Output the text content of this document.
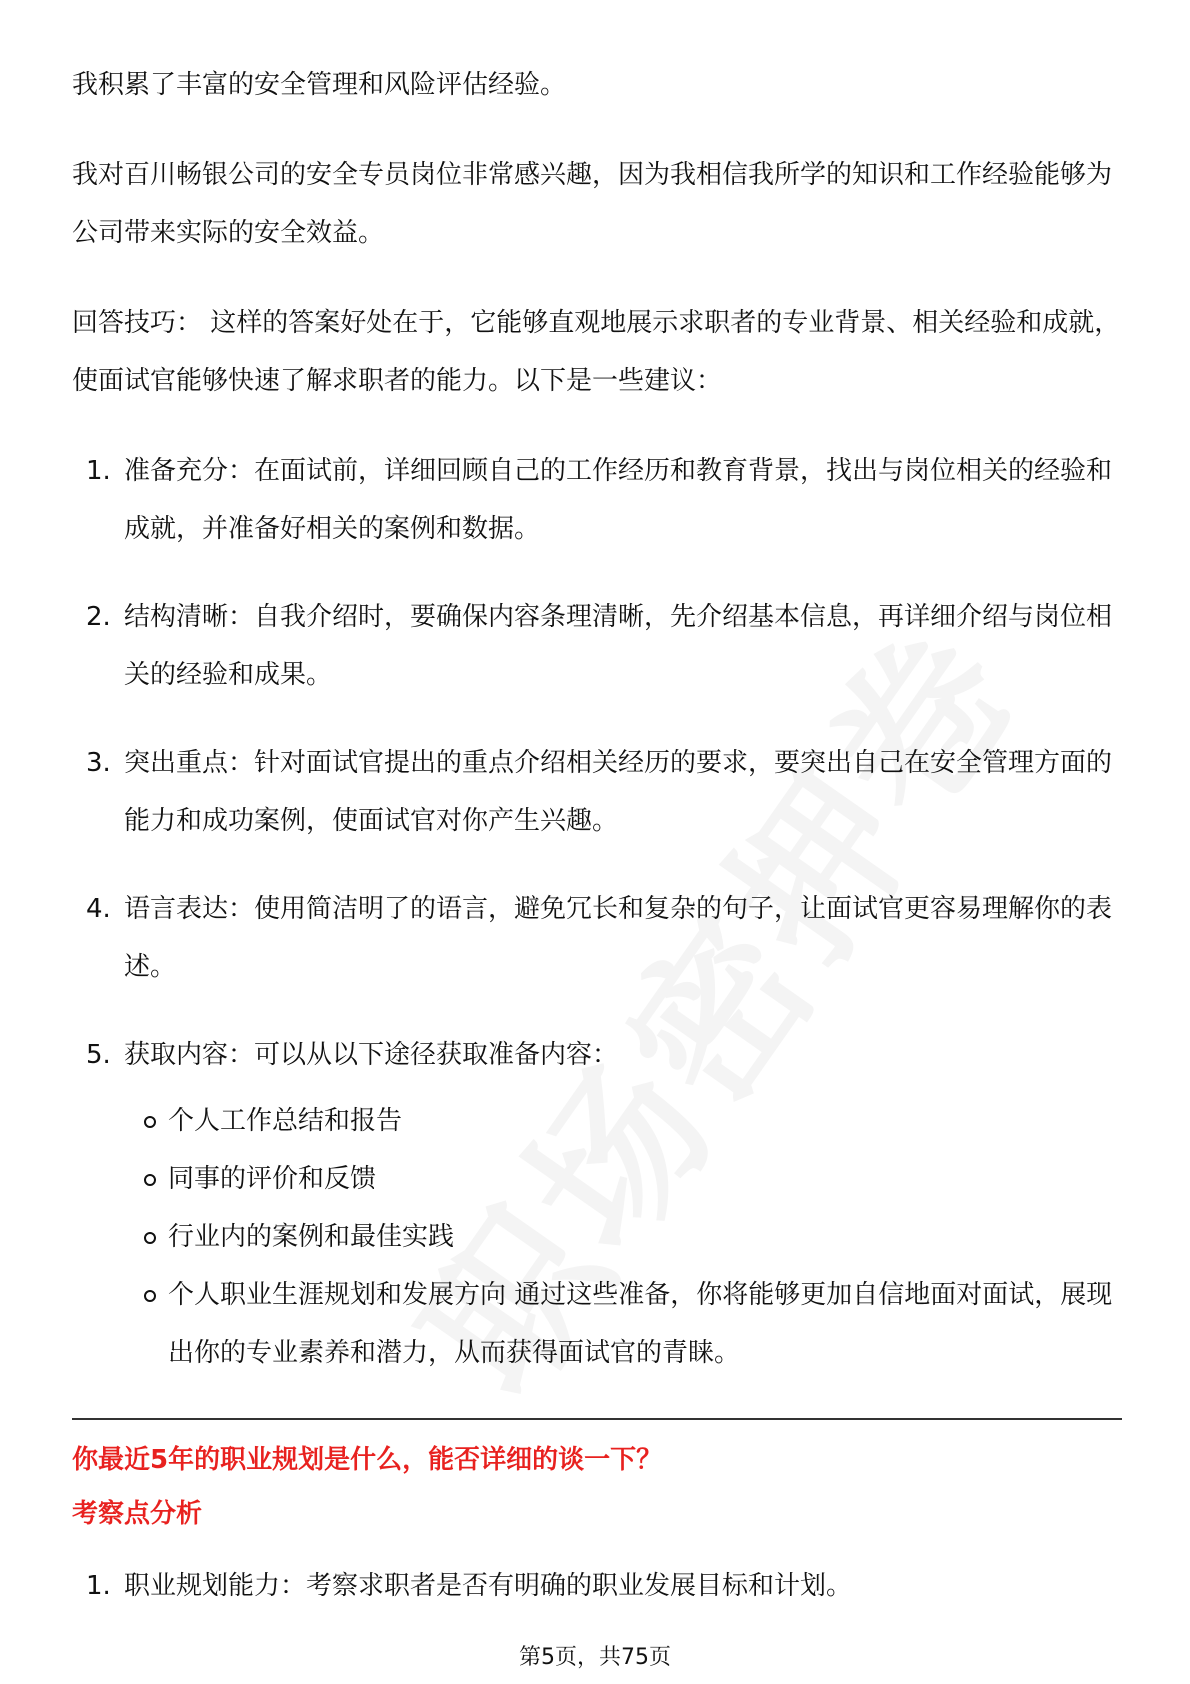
我积累了丰富的安全管理和风险评估经验。

我对百川畅银公司的安全专员岗位非常感兴趣，因为我相信我所学的知识和工作经验能够为公司带来实际的安全效益。

回答技巧： 这样的答案好处在于，它能够直观地展示求职者的专业背景、相关经验和成就，使面试官能够快速了解求职者的能力。以下是一些建议：

1. 准备充分：在面试前，详细回顾自己的工作经历和教育背景，找出与岗位相关的经验和成就，并准备好相关的案例和数据。
2. 结构清晰：自我介绍时，要确保内容条理清晰，先介绍基本信息，再详细介绍与岗位相关的经验和成果。
3. 突出重点：针对面试官提出的重点介绍相关经历的要求，要突出自己在安全管理方面的能力和成功案例，使面试官对你产生兴趣。
4. 语言表达：使用简洁明了的语言，避免冗长和复杂的句子，让面试官更容易理解你的表述。
5. 获取内容：可以从以下途径获取准备内容：
个人工作总结和报告
同事的评价和反馈
行业内的案例和最佳实践
个人职业生涯规划和发展方向 通过这些准备，你将能够更加自信地面对面试，展现出你的专业素养和潜力，从而获得面试官的青睐。
你最近5年的职业规划是什么，能否详细的谈一下？
考察点分析
1. 职业规划能力：考察求职者是否有明确的职业发展目标和计划。
第5页，共75页
